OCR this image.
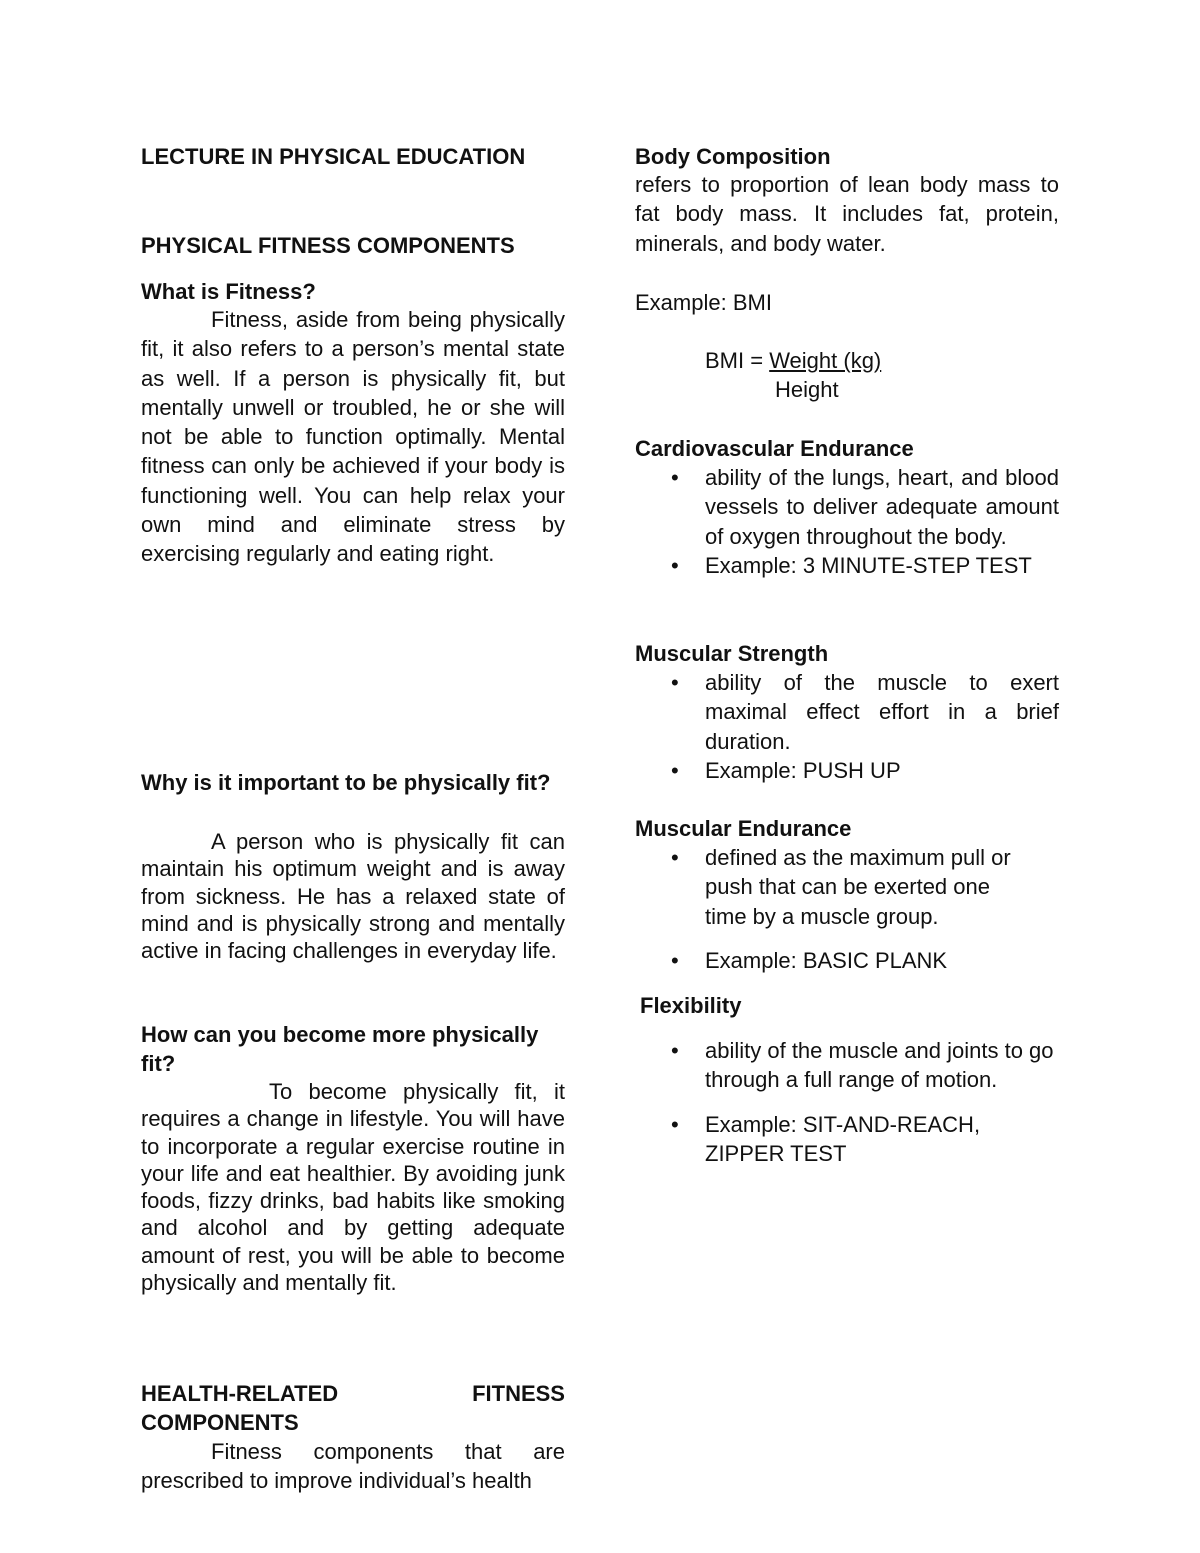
LECTURE IN PHYSICAL EDUCATION
PHYSICAL FITNESS COMPONENTS
What is Fitness?

Fitness, aside from being physically fit, it also refers to a person’s mental state as well. If a person is physically fit, but mentally unwell or troubled, he or she will not be able to function optimally. Mental fitness can only be achieved if your body is functioning well. You can help relax your own mind and eliminate stress by exercising regularly and eating right.

Why is it important to be physically fit?

A person who is physically fit can maintain his optimum weight and is away from sickness. He has a relaxed state of mind and is physically strong and mentally active in facing challenges in everyday life.

How can you become more physically fit?

To become physically fit, it requires a change in lifestyle. You will have to incorporate a regular exercise routine in your life and eat healthier. By avoiding junk foods, fizzy drinks, bad habits like smoking and alcohol and by getting adequate amount of rest, you will be able to become physically and mentally fit.

HEALTH-RELATED FITNESS COMPONENTS

Fitness components that are prescribed to improve individual’s health

Body Composition

refers to proportion of lean body mass to fat body mass. It includes fat, protein, minerals, and body water.

Example: BMI
BMI = Weight (kg)
Height
Cardiovascular Endurance
• ability of the lungs, heart, and blood vessels to deliver adequate amount of oxygen throughout the body.
• Example: 3 MINUTE-STEP TEST
Muscular Strength
• ability of the muscle to exert maximal effect effort in a brief duration.
• Example: PUSH UP
Muscular Endurance
• defined as the maximum pull or push that can be exerted one time by a muscle group.
• Example: BASIC PLANK
Flexibility
• ability of the muscle and joints to go through a full range of motion.
• Example: SIT-AND-REACH, ZIPPER TEST
